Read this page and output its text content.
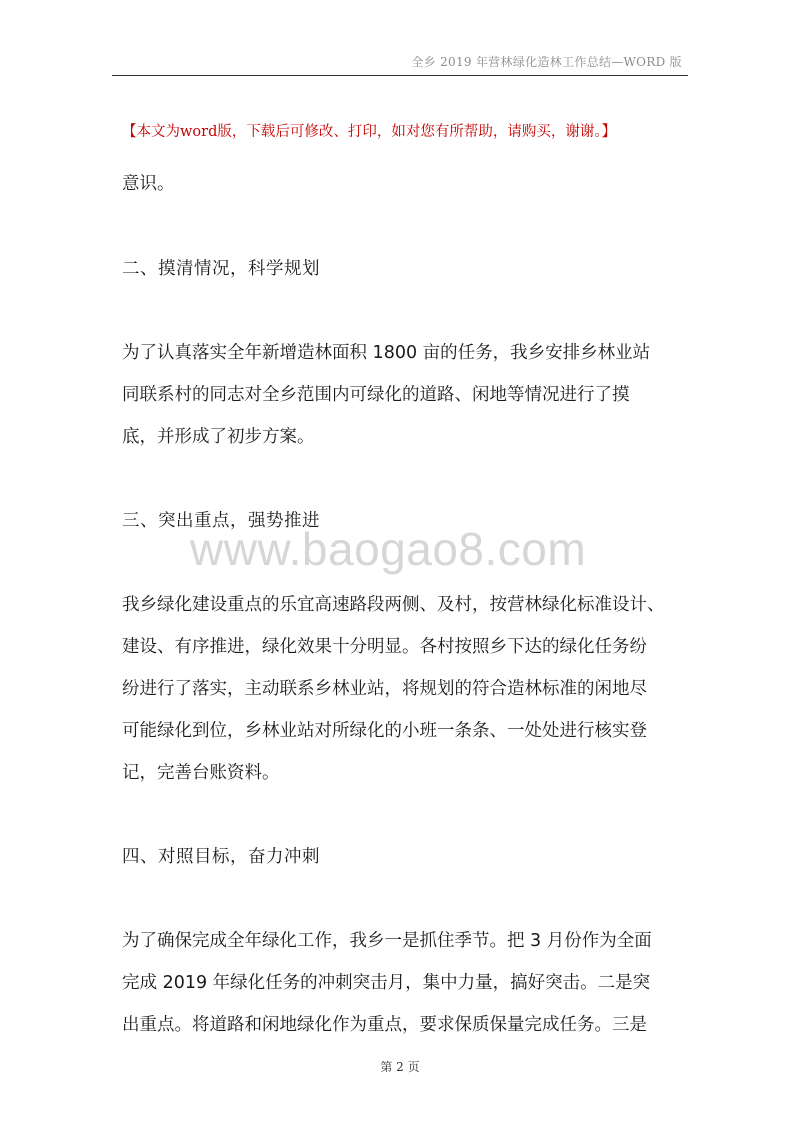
全乡 2019 年营林绿化造林工作总结—WORD 版
【本文为word版，下载后可修改、打印，如对您有所帮助，请购买，谢谢。】
意识。
二、摸清情况，科学规划
为了认真落实全年新增造林面积 1800 亩的任务，我乡安排乡林业站
同联系村的同志对全乡范围内可绿化的道路、闲地等情况进行了摸
底，并形成了初步方案。
三、突出重点，强势推进
www.baogao8.com
我乡绿化建设重点的乐宜高速路段两侧、及村，按营林绿化标准设计、
建设、有序推进，绿化效果十分明显。各村按照乡下达的绿化任务纷
纷进行了落实，主动联系乡林业站，将规划的符合造林标准的闲地尽
可能绿化到位，乡林业站对所绿化的小班一条条、一处处进行核实登
记，完善台账资料。
四、对照目标，奋力冲刺
为了确保完成全年绿化工作，我乡一是抓住季节。把 3 月份作为全面
完成 2019 年绿化任务的冲刺突击月，集中力量，搞好突击。二是突
出重点。将道路和闲地绿化作为重点，要求保质保量完成任务。三是
第 2 页
